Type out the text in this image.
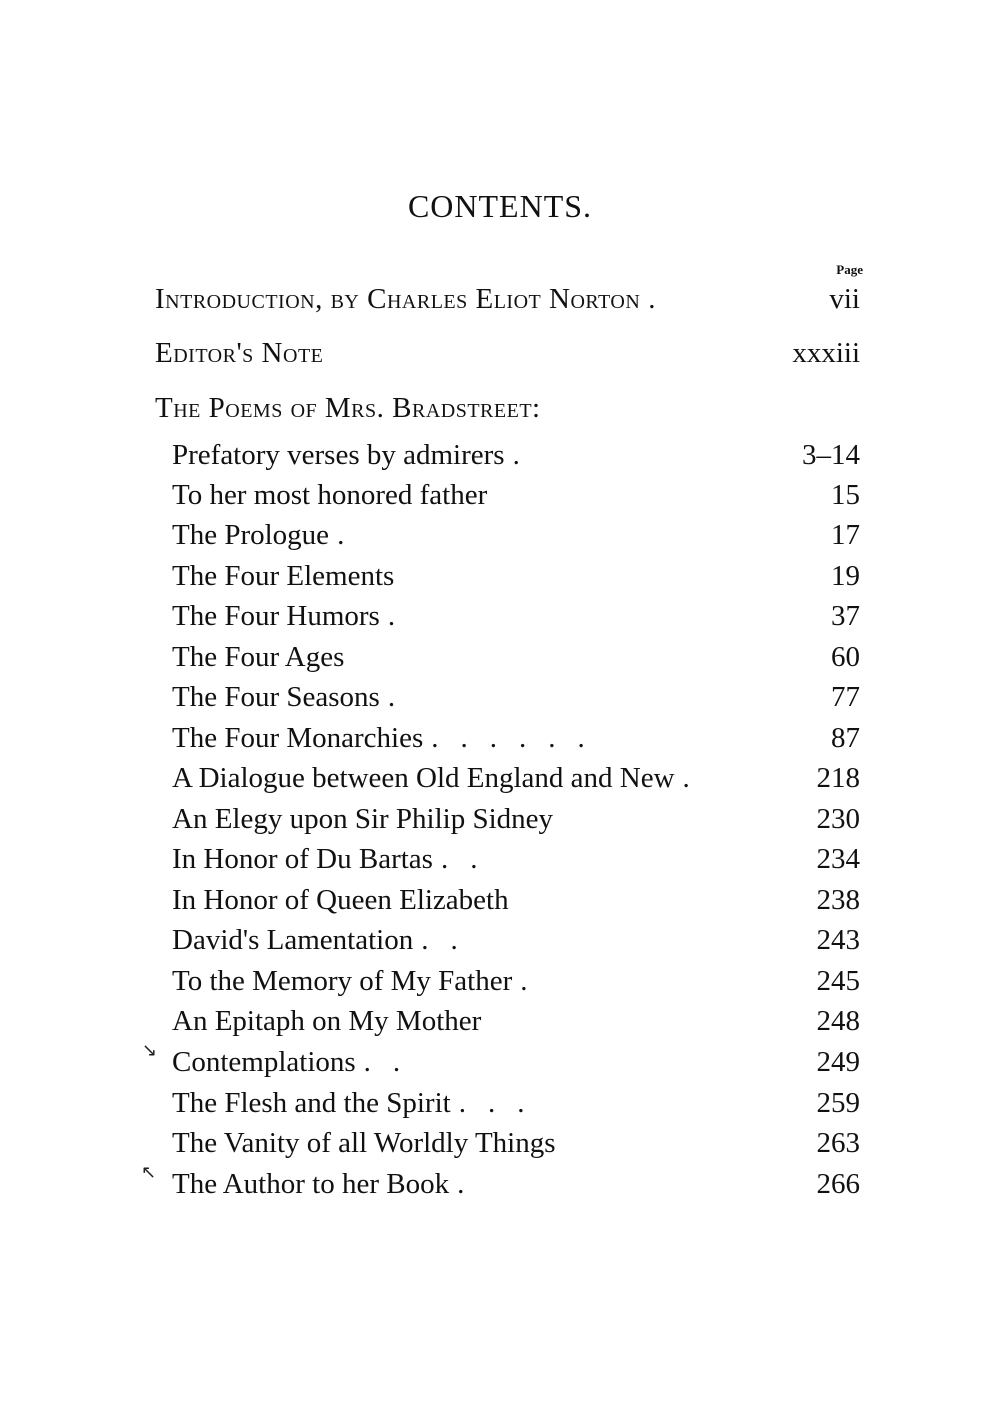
CONTENTS.
Page
Introduction, by Charles Eliot Norton .	vii
Editor's Note	xxxiii
The Poems of Mrs. Bradstreet:
Prefatory verses by admirers .	3–14
To her most honored father	15
The Prologue .	17
The Four Elements	19
The Four Humors .	37
The Four Ages	60
The Four Seasons .	77
The Four Monarchies ......	87
A Dialogue between Old England and New .	218
An Elegy upon Sir Philip Sidney	230
In Honor of Du Bartas ..	234
In Honor of Queen Elizabeth	238
David's Lamentation ..	243
To the Memory of My Father .	245
An Epitaph on My Mother	248
Contemplations ..	249
The Flesh and the Spirit ...	259
The Vanity of all Worldly Things	263
The Author to her Book .	266
↘
↖
